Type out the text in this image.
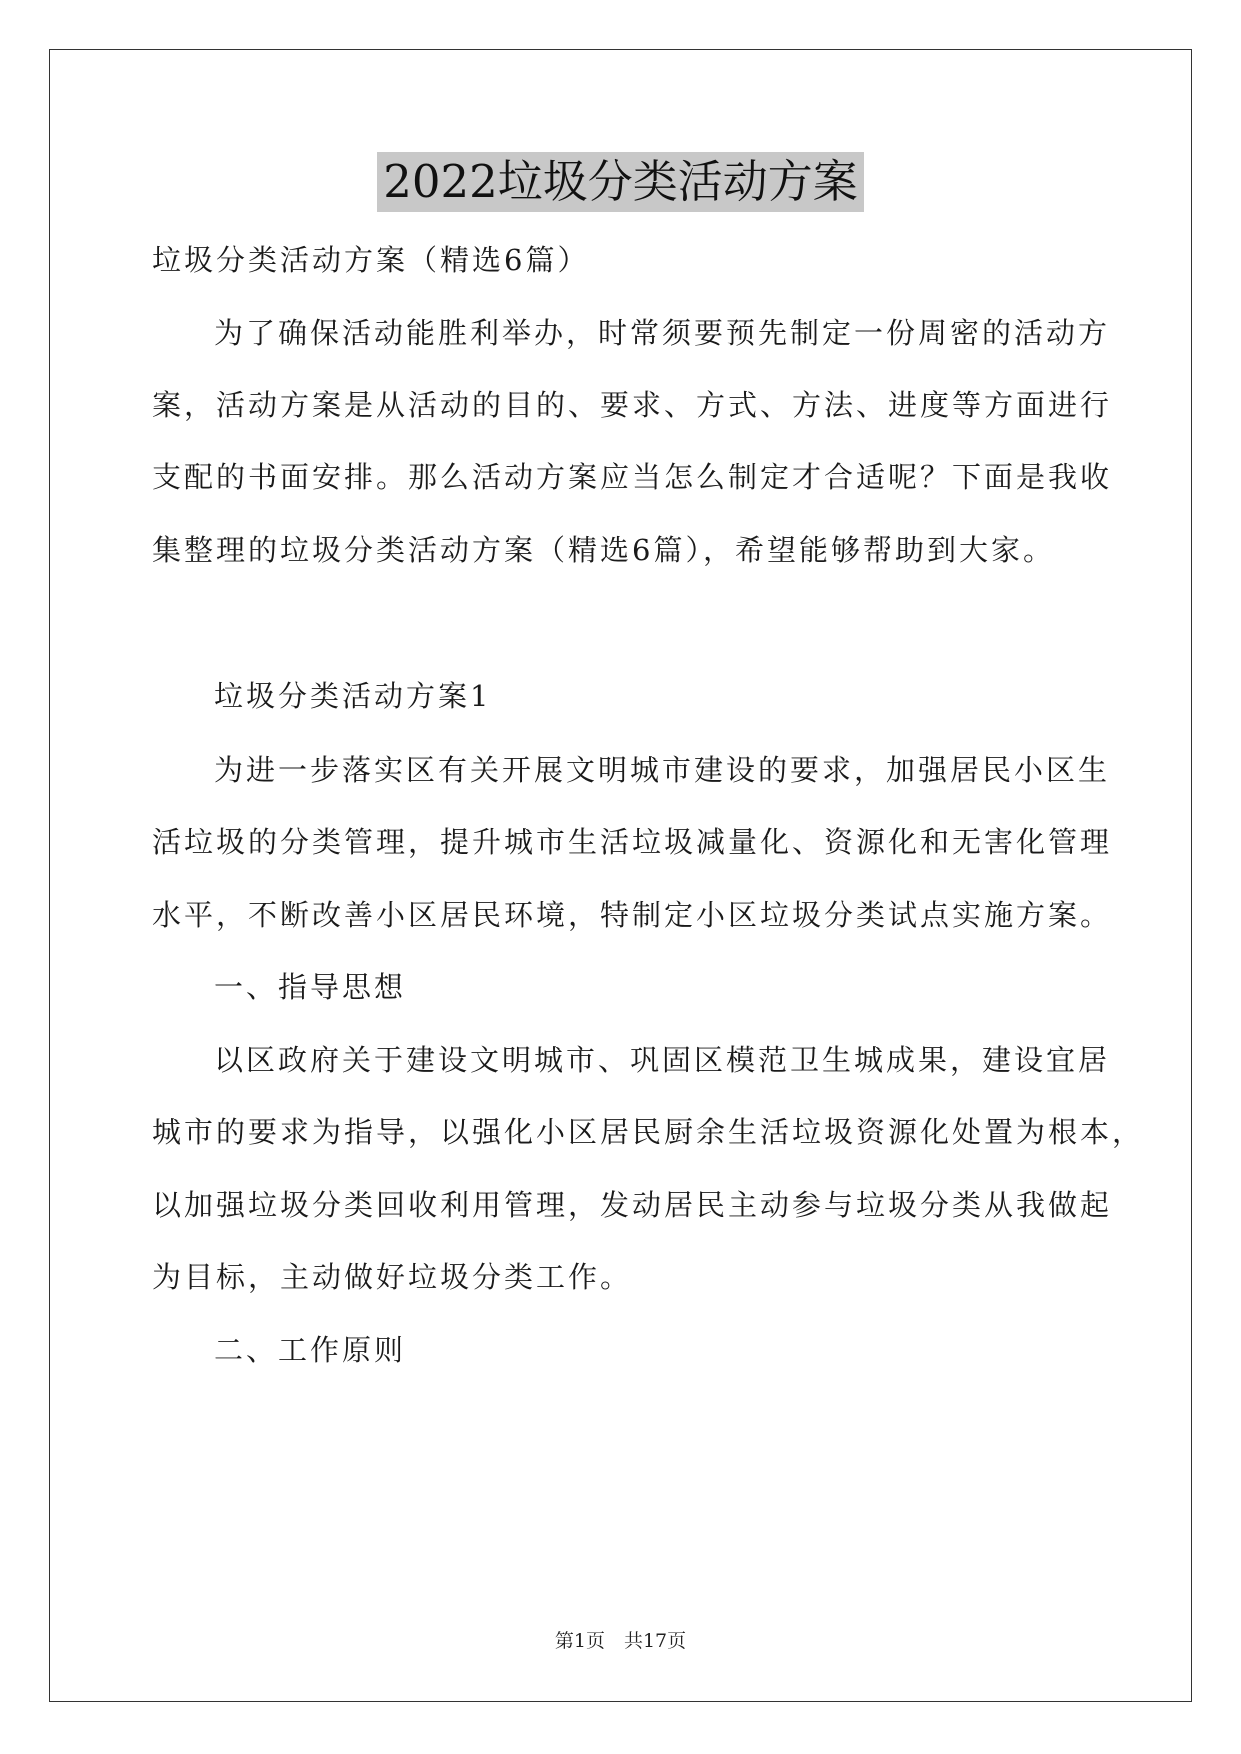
2022垃圾分类活动方案
垃圾分类活动方案（精选6篇）
为了确保活动能胜利举办，时常须要预先制定一份周密的活动方
案，活动方案是从活动的目的、要求、方式、方法、进度等方面进行
支配的书面安排。那么活动方案应当怎么制定才合适呢？下面是我收
集整理的垃圾分类活动方案（精选6篇），希望能够帮助到大家。
垃圾分类活动方案1
为进一步落实区有关开展文明城市建设的要求，加强居民小区生
活垃圾的分类管理，提升城市生活垃圾减量化、资源化和无害化管理
水平，不断改善小区居民环境，特制定小区垃圾分类试点实施方案。
一、指导思想
以区政府关于建设文明城市、巩固区模范卫生城成果，建设宜居
城市的要求为指导，以强化小区居民厨余生活垃圾资源化处置为根本，
以加强垃圾分类回收利用管理，发动居民主动参与垃圾分类从我做起
为目标，主动做好垃圾分类工作。
二、工作原则
第1页　共17页
